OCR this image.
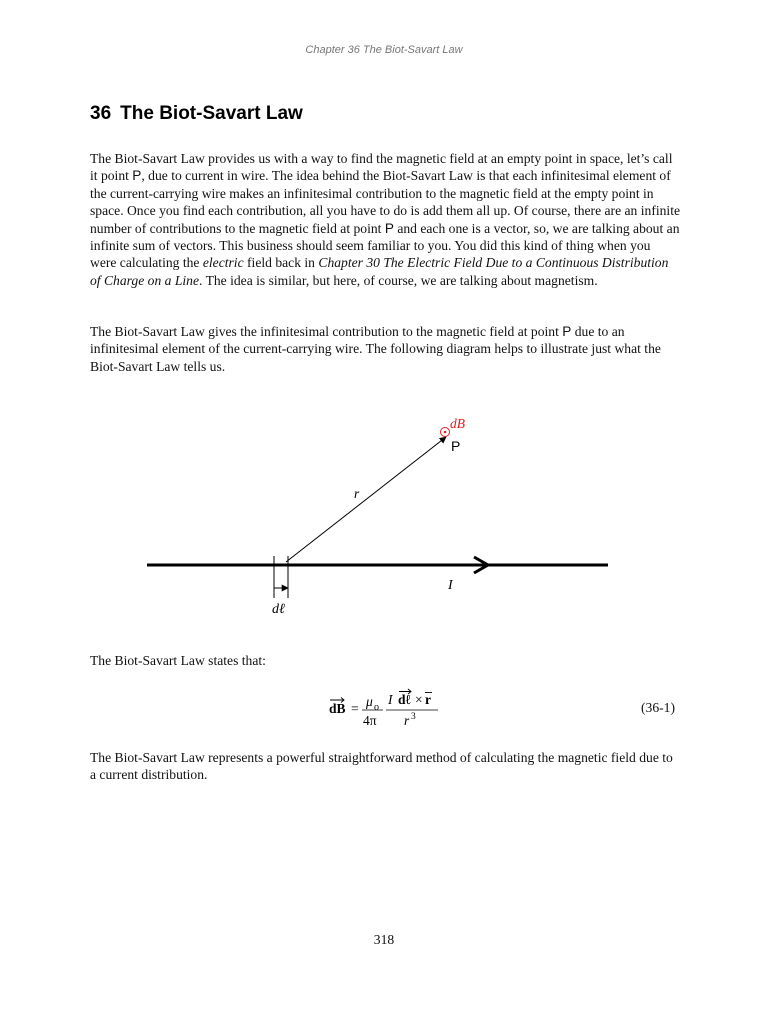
Chapter 36 The Biot-Savart Law
36 The Biot-Savart Law

The Biot-Savart Law provides us with a way to find the magnetic field at an empty point in space, let’s call it point P, due to current in wire. The idea behind the Biot-Savart Law is that each infinitesimal element of the current-carrying wire makes an infinitesimal contribution to the magnetic field at the empty point in space. Once you find each contribution, all you have to do is add them all up. Of course, there are an infinite number of contributions to the magnetic field at point P and each one is a vector, so, we are talking about an infinite sum of vectors. This business should seem familiar to you. You did this kind of thing when you were calculating the electric field back in Chapter 30 The Electric Field Due to a Continuous Distribution of Charge on a Line. The idea is similar, but here, of course, we are talking about magnetism.

The Biot-Savart Law gives the infinitesimal contribution to the magnetic field at point P due to an infinitesimal element of the current-carrying wire. The following diagram helps to illustrate just what the Biot-Savart Law tells us.

dB
P
r
I
dℓ

The Biot-Savart Law states that:

dB = μ o
4π
I dℓ × r
r 3
(36-1)

The Biot-Savart Law represents a powerful straightforward method of calculating the magnetic field due to a current distribution.

318
